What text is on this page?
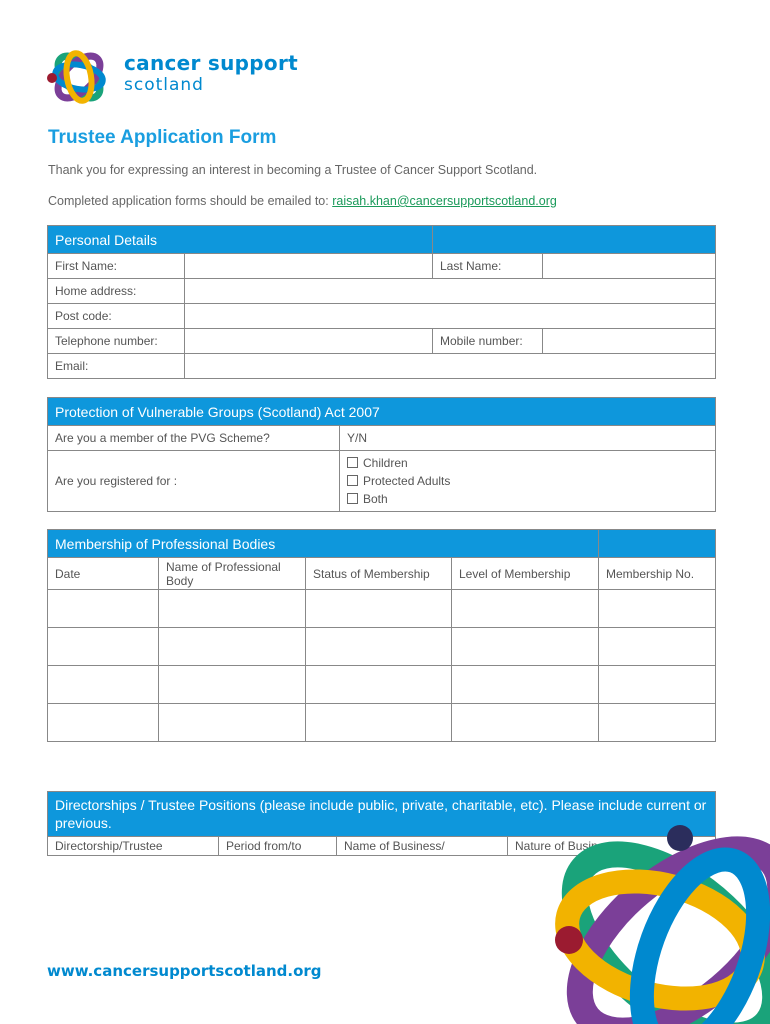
cancer support
scotland
Trustee Application Form

Thank you for expressing an interest in becoming a Trustee of Cancer Support Scotland.

Completed application forms should be emailed to: raisah.khan@cancersupportscotland.org

Personal Details			
First Name:		Last Name:	
Home address:			
Post code:			
Telephone number:		Mobile number:	
Email:			
Protection of Vulnerable Groups (Scotland) Act 2007	
Are you a member of the PVG Scheme?	Y/N
Are you registered for :	Children
Protected Adults
Both
Membership of Professional Bodies				
Date	Name of Professional Body	Status of Membership	Level of Membership	Membership No.

Directorships / Trustee Positions (please include public, private, charitable, etc). Please include current or previous.
Directorship/Trustee	Period from/to	Name of Business/	Nature of Business
www.cancersupportscotland.org
